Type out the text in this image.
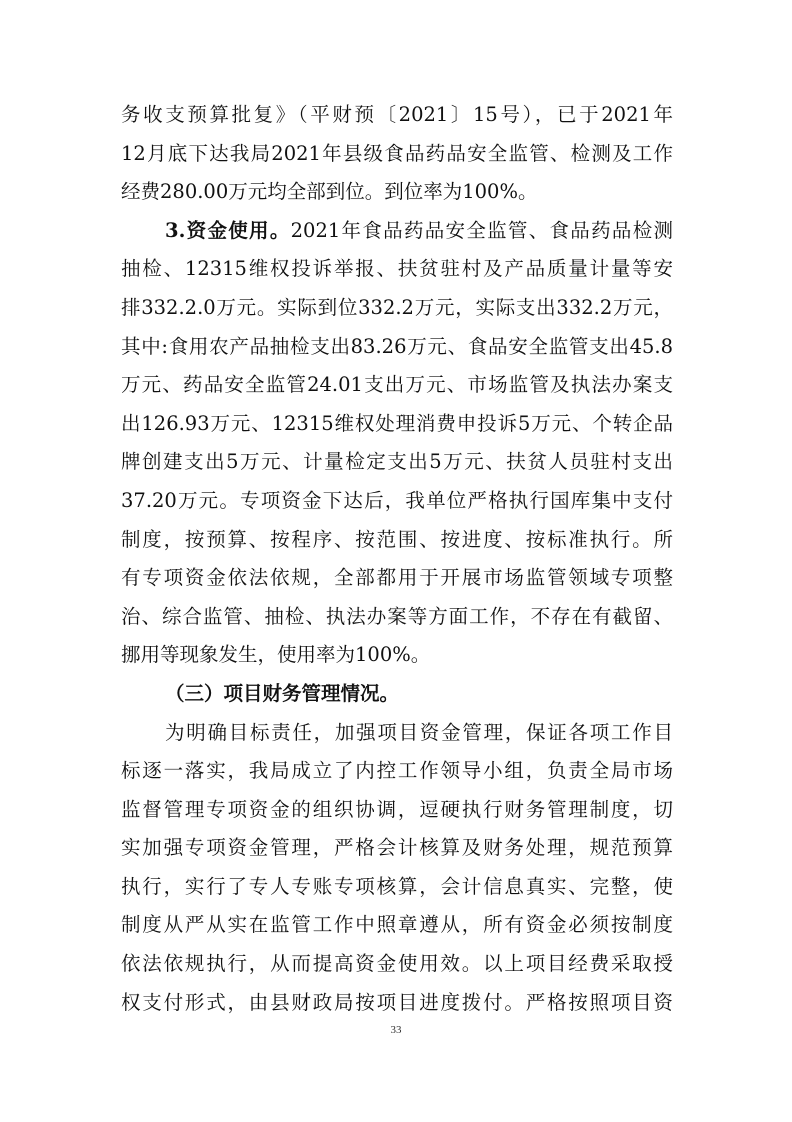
务收支预算批复》（平财预〔2021〕15号），已于2021年
12月底下达我局2021年县级食品药品安全监管、检测及工作
经费280.00万元均全部到位。到位率为100%。
3.资金使用。2021年食品药品安全监管、食品药品检测
抽检、12315维权投诉举报、扶贫驻村及产品质量计量等安
排332.2.0万元。实际到位332.2万元，实际支出332.2万元，
其中:食用农产品抽检支出83.26万元、食品安全监管支出45.8
万元、药品安全监管24.01支出万元、市场监管及执法办案支
出126.93万元、12315维权处理消费申投诉5万元、个转企品
牌创建支出5万元、计量检定支出5万元、扶贫人员驻村支出
37.20万元。专项资金下达后，我单位严格执行国库集中支付
制度，按预算、按程序、按范围、按进度、按标准执行。所
有专项资金依法依规，全部都用于开展市场监管领域专项整
治、综合监管、抽检、执法办案等方面工作，不存在有截留、
挪用等现象发生，使用率为100%。
（三）项目财务管理情况。
为明确目标责任，加强项目资金管理，保证各项工作目
标逐一落实，我局成立了内控工作领导小组，负责全局市场
监督管理专项资金的组织协调，逗硬执行财务管理制度，切
实加强专项资金管理，严格会计核算及财务处理，规范预算
执行，实行了专人专账专项核算，会计信息真实、完整，使
制度从严从实在监管工作中照章遵从，所有资金必须按制度
依法依规执行，从而提高资金使用效。以上项目经费采取授
权支付形式，由县财政局按项目进度拨付。严格按照项目资
33
